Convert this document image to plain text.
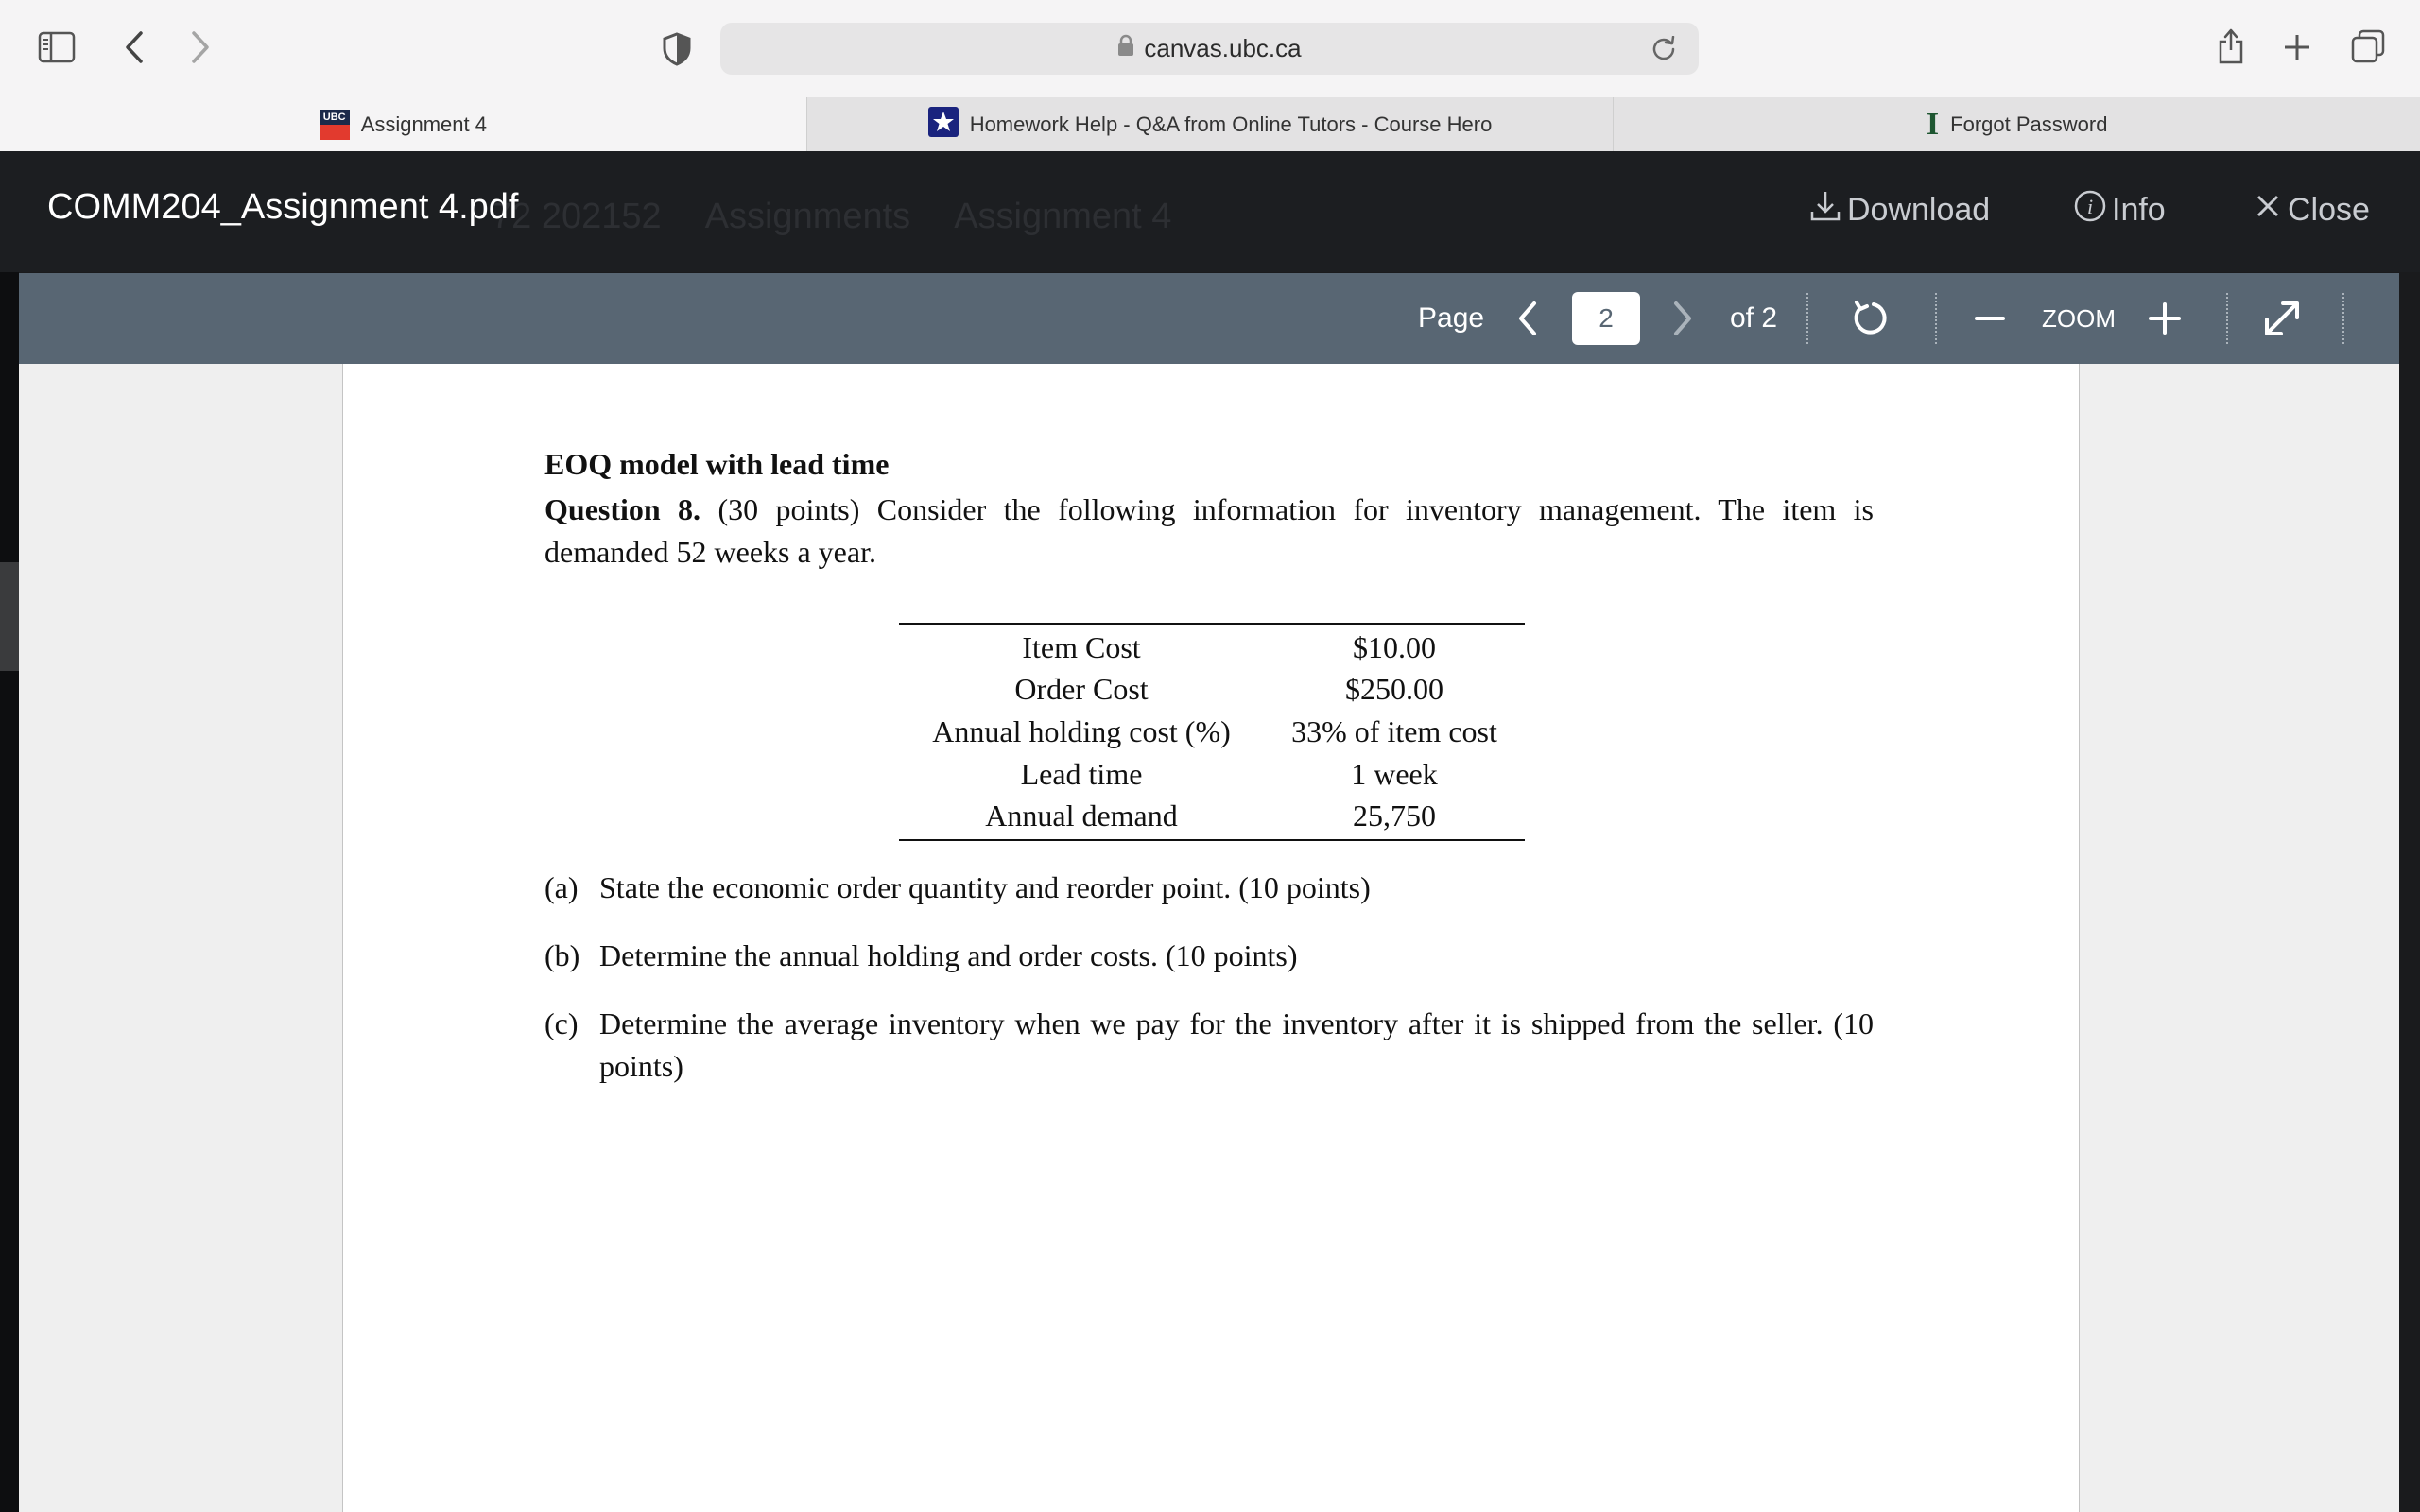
canvas.ubc.ca
UBC Assignment 4	Homework Help - Q&A from Online Tutors - Course Hero	I Forgot Password
72 202152 Assignments Assignment 4
COMM204_Assignment 4.pdf	Download	i Info	Close
Page
2	of 2	ZOOM
EOQ model with lead time
Question 8. (30 points) Consider the following information for inventory management. The item is demanded 52 weeks a year.
Item Cost	$10.00
Order Cost	$250.00
Annual holding cost (%)	33% of item cost
Lead time	1 week
Annual demand	25,750
(a) State the economic order quantity and reorder point. (10 points)
(b) Determine the annual holding and order costs. (10 points)
(c) Determine the average inventory when we pay for the inventory after it is shipped from the seller. (10 points)
